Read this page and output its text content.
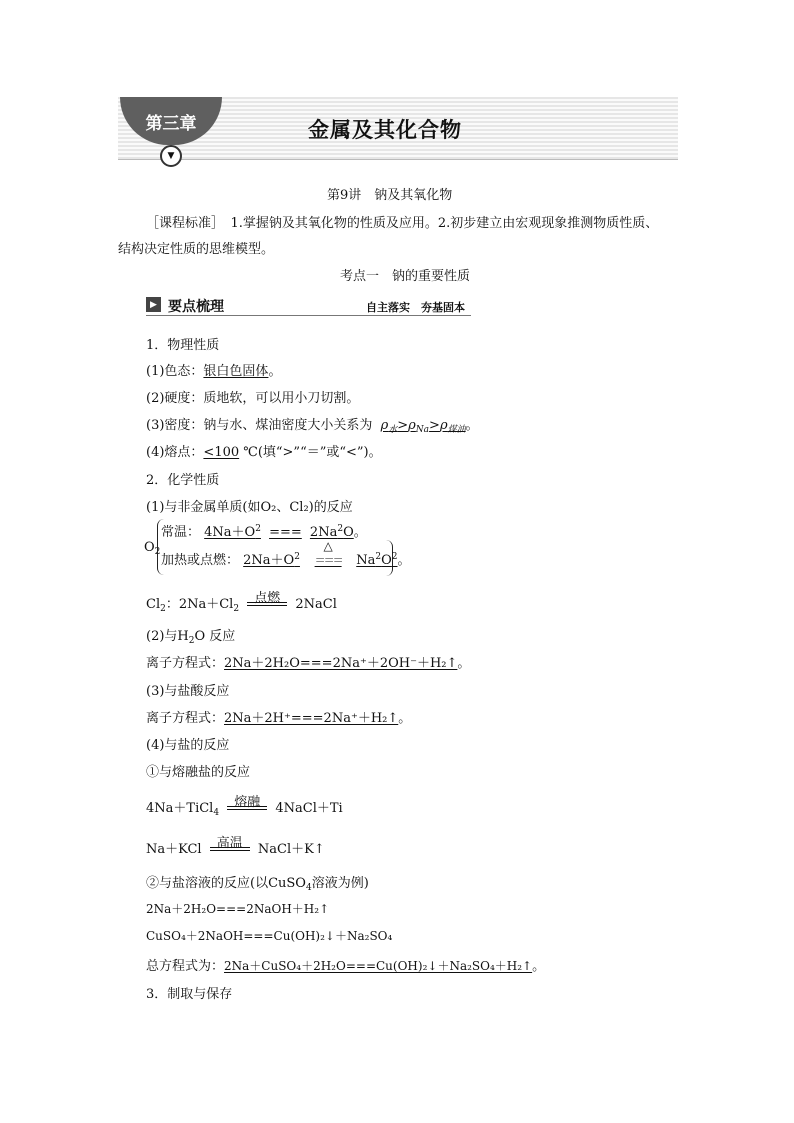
第三章
▼
金属及其化合物
第9讲　钠及其氧化物
［课程标准］　1.掌握钠及其氧化物的性质及应用。2.初步建立由宏观现象推测物质性质、
结构决定性质的思维模型。
考点一　钠的重要性质
▶ 要点梳理	自主落实　夯基固本
1．物理性质
(1)色态：银白色固体。
(2)硬度：质地软，可以用小刀切割。
(3)密度：钠与水、煤油密度大小关系为 $\rho_水>\rho_{Na}>\rho_{煤油}$。
(4)熔点：<100 ℃(填“>”“＝”或“<”)。
2．化学性质
(1)与非金属单质(如O₂、Cl₂)的反应
$O_2$
常温： $4Na+O^2$ === $2Na^2O$。
加热或点燃： $2Na+O^2$
△
＝＝＝ $Na^2O^2$。
$Cl_2$：$2Na+Cl_2$
点燃	2NaCl
(2)与$H_2O$ 反应
离子方程式：2Na＋2H₂O===2Na⁺＋2OH⁻＋H₂↑。
(3)与盐酸反应
离子方程式：2Na＋2H⁺===2Na⁺＋H₂↑。
(4)与盐的反应
①与熔融盐的反应
4Na＋TiCl$_4$
熔融	4NaCl＋Ti
Na＋KCl	高温	NaCl＋K↑
②与盐溶液的反应(以CuSO$_4$溶液为例)
2Na＋2H₂O===2NaOH＋H₂↑
CuSO₄＋2NaOH===Cu(OH)₂↓＋Na₂SO₄
总方程式为：2Na＋CuSO₄＋2H₂O===Cu(OH)₂↓＋Na₂SO₄＋H₂↑。
3．制取与保存
